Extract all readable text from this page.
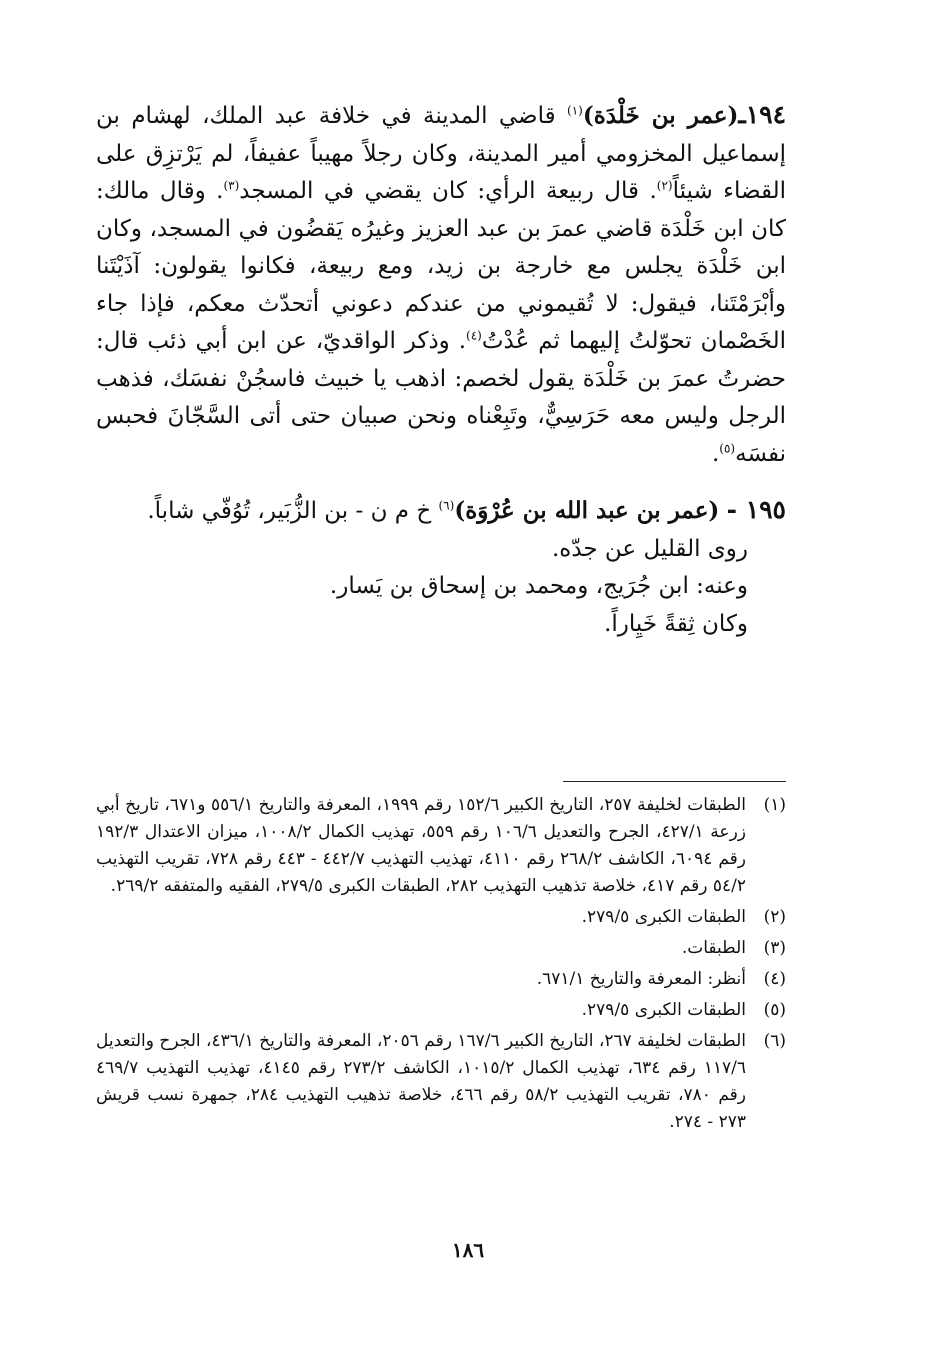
١٩٤ـ(عمر بن خَلْدَة)$^{(١)}$ قاضي المدينة في خلافة عبد الملك، لهشام بن إسماعيل المخزومي أمير المدينة، وكان رجلاً مهيباً عفيفاً، لم يَرْتزِق على القضاء شيئاً$^{(٢)}$. قال ربيعة الرأي: كان يقضي في المسجد$^{(٣)}$. وقال مالك: كان ابن خَلْدَة قاضي عمرَ بن عبد العزيز وغيرُه يَقضُون في المسجد، وكان ابن خَلْدَة يجلس مع خارجة بن زيد، ومع ربيعة، فكانوا يقولون: آذَيْتَنا وأبْرَمْتَنا، فيقول: لا تُقيموني من عندكم دعوني أتحدّث معكم، فإذا جاء الخَصْمان تحوّلتُ إليهما ثم عُدْتُ$^{(٤)}$. وذكر الواقديّ، عن ابن أبي ذئب قال: حضرتُ عمرَ بن خَلْدَة يقول لخصم: اذهب يا خبيث فاسجُنْ نفسَك، فذهب الرجل وليس معه حَرَسِيٌّ، وتَبِعْناه ونحن صبيان حتى أتى السَّجّانَ فحبس نفسَه$^{(٥)}$.

١٩٥ - (عمر بن عبد الله بن عُرْوَة)$^{(٦)}$ خ م ن - بن الزُّبَير، تُوُفّي شاباً.

روى القليل عن جدّه.

وعنه: ابن جُرَيج، ومحمد بن إسحاق بن يَسار.

وكان ثِقةً خَيِاراً.

(١)
الطبقات لخليفة ٢٥٧، التاريخ الكبير ١٥٢/٦ رقم ١٩٩٩، المعرفة والتاريخ ٥٥٦/١ و٦٧١، تاريخ أبي زرعة ٤٢٧/١، الجرح والتعديل ١٠٦/٦ رقم ٥٥٩، تهذيب الكمال ١٠٠٨/٢، ميزان الاعتدال ١٩٢/٣ رقم ٦٠٩٤، الكاشف ٢٦٨/٢ رقم ٤١١٠، تهذيب التهذيب ٤٤٢/٧ - ٤٤٣ رقم ٧٢٨، تقريب التهذيب ٥٤/٢ رقم ٤١٧، خلاصة تذهيب التهذيب ٢٨٢، الطبقات الكبرى ٢٧٩/٥، الفقيه والمتفقه ٢٦٩/٢.
(٢)
الطبقات الكبرى ٢٧٩/٥.
(٣)
الطبقات.
(٤)
أنظر: المعرفة والتاريخ ٦٧١/١.
(٥)
الطبقات الكبرى ٢٧٩/٥.
(٦)
الطبقات لخليفة ٢٦٧، التاريخ الكبير ١٦٧/٦ رقم ٢٠٥٦، المعرفة والتاريخ ٤٣٦/١، الجرح والتعديل ١١٧/٦ رقم ٦٣٤، تهذيب الكمال ١٠١٥/٢، الكاشف ٢٧٣/٢ رقم ٤١٤٥، تهذيب التهذيب ٤٦٩/٧ رقم ٧٨٠، تقريب التهذيب ٥٨/٢ رقم ٤٦٦، خلاصة تذهيب التهذيب ٢٨٤، جمهرة نسب قريش ٢٧٣ - ٢٧٤.
١٨٦
